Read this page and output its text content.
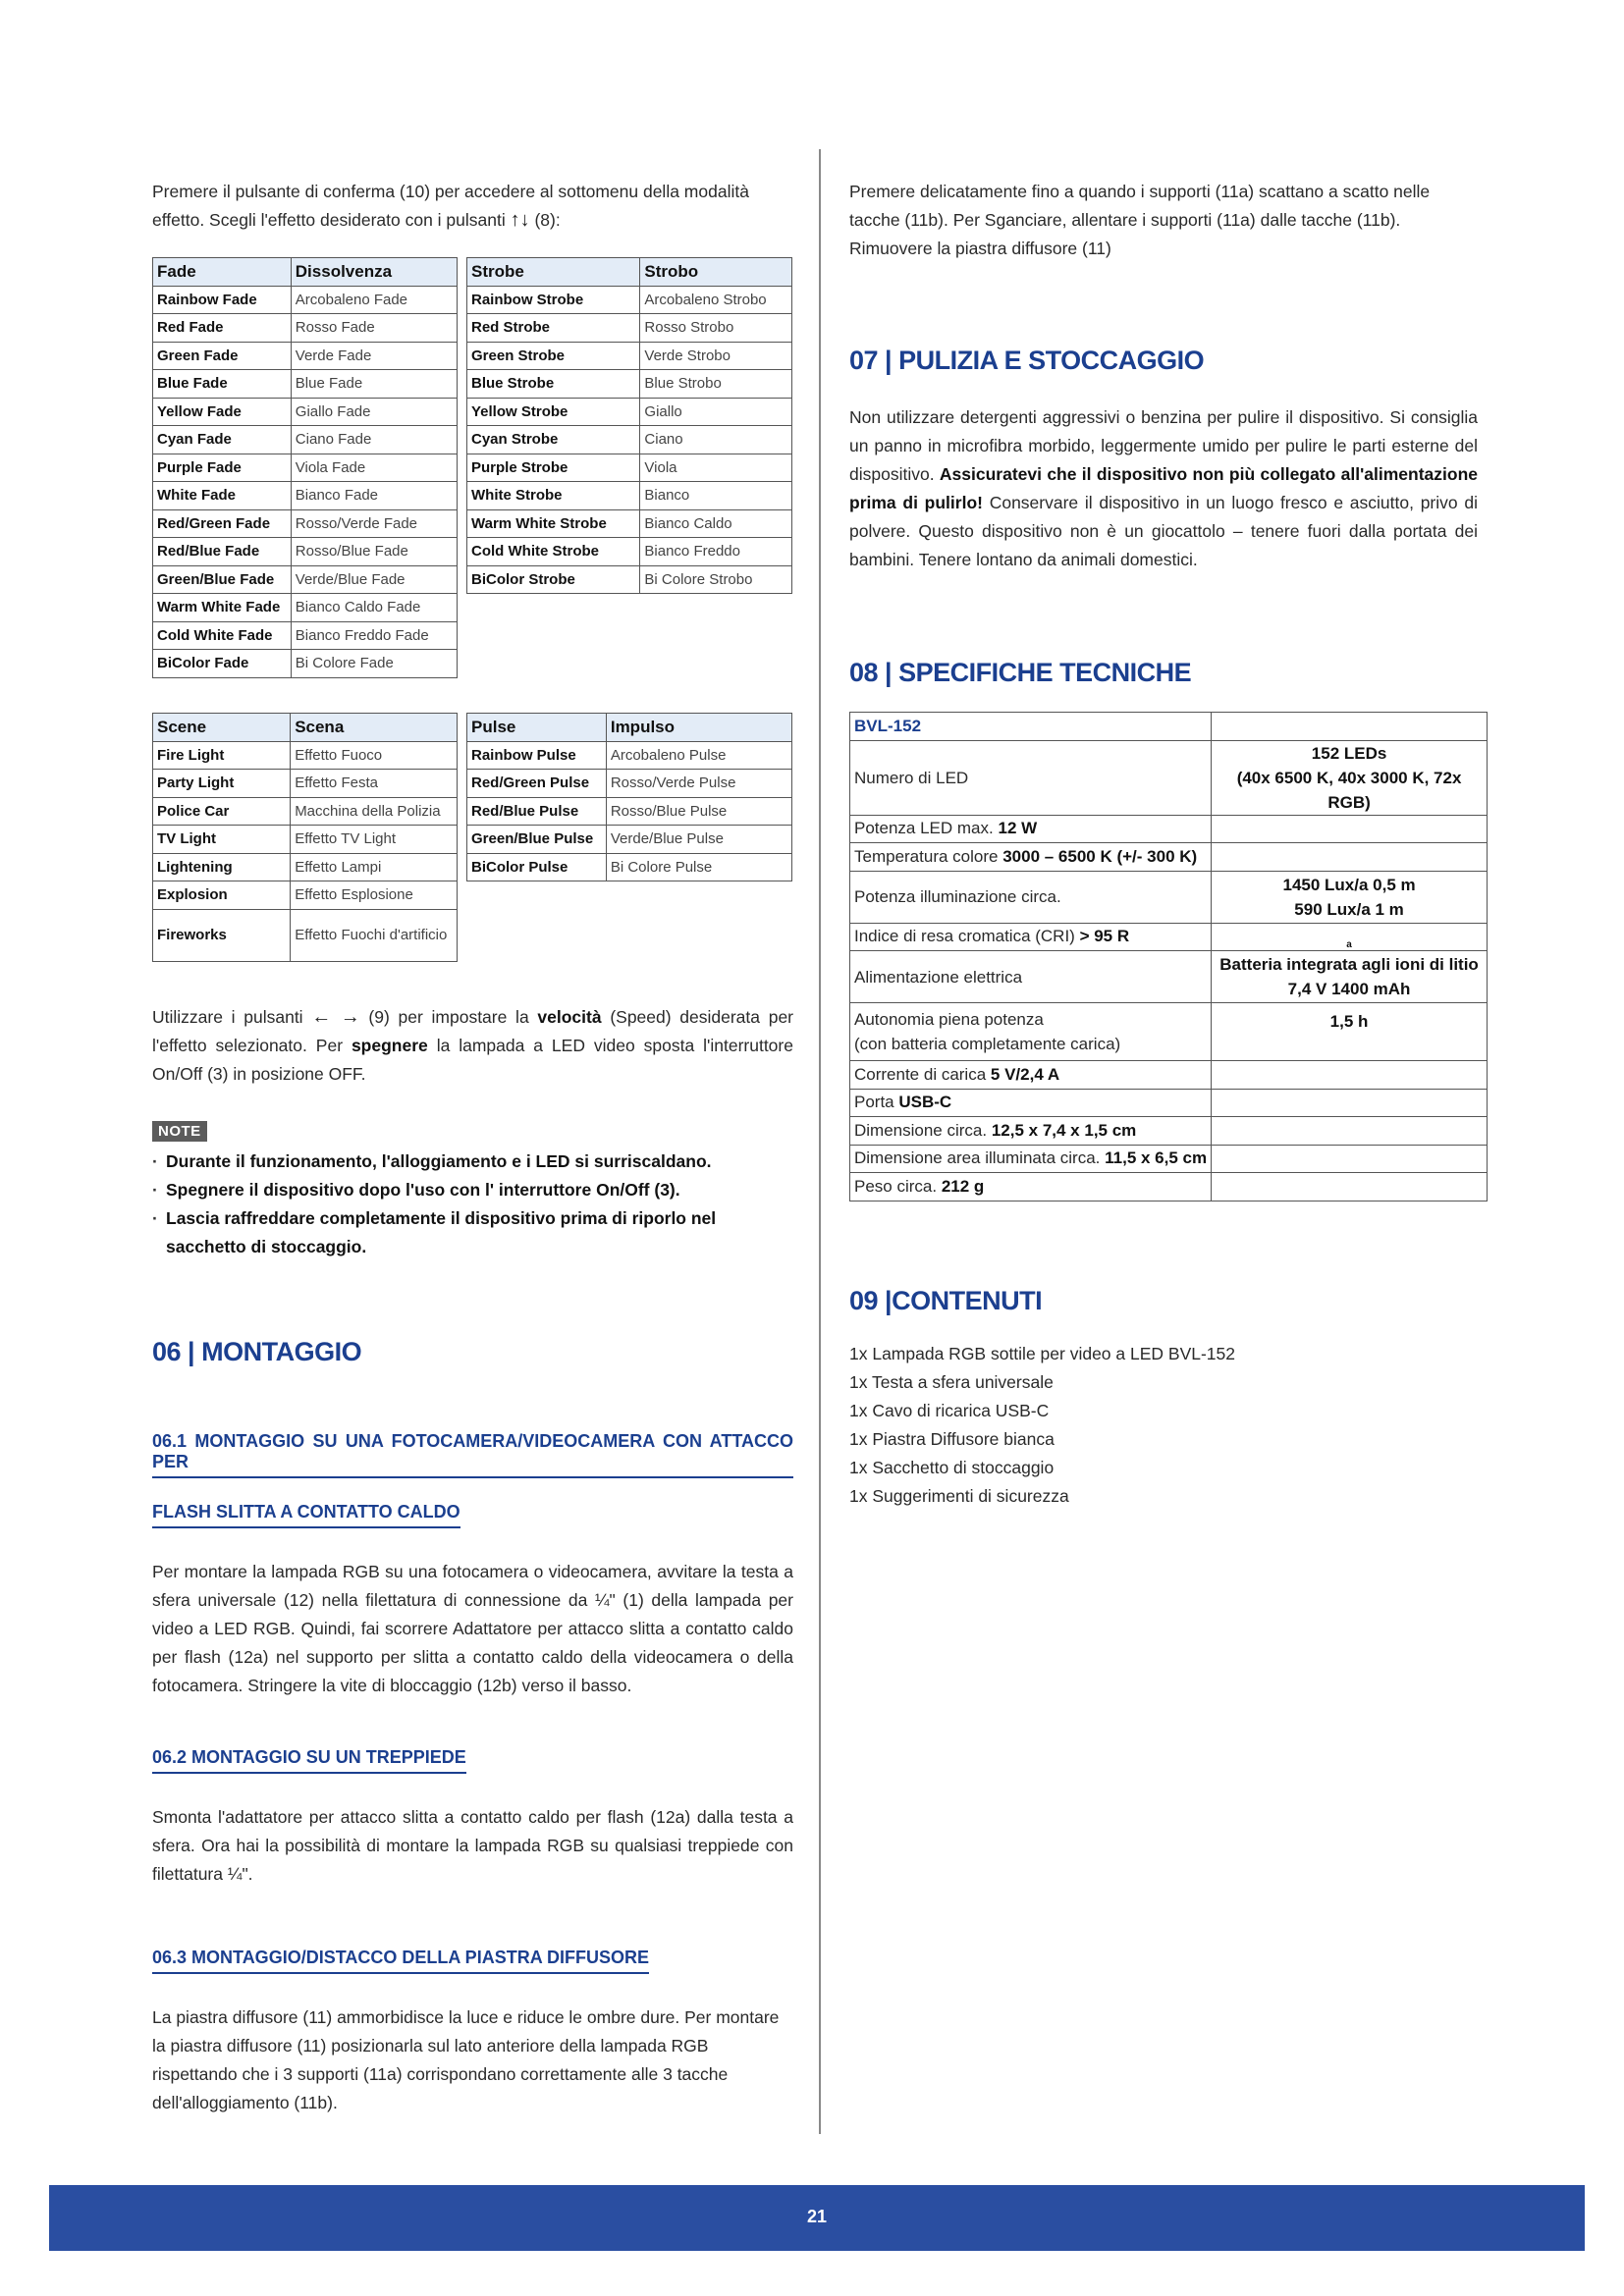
Premere il pulsante di conferma (10) per accedere al sottomenu della modalità

effetto. Scegli l'effetto desiderato con i pulsanti ↑↓ (8):

Fade	Dissolvenza
Rainbow Fade	Arcobaleno Fade
Red Fade	Rosso Fade
Green Fade	Verde Fade
Blue Fade	Blue Fade
Yellow Fade	Giallo Fade
Cyan Fade	Ciano Fade
Purple Fade	Viola Fade
White Fade	Bianco Fade
Red/Green Fade	Rosso/Verde Fade
Red/Blue Fade	Rosso/Blue Fade
Green/Blue Fade	Verde/Blue Fade
Warm White Fade	Bianco Caldo Fade
Cold White Fade	Bianco Freddo Fade
BiColor Fade	Bi Colore Fade
Strobe	Strobo
Rainbow Strobe	Arcobaleno Strobo
Red Strobe	Rosso Strobo
Green Strobe	Verde Strobo
Blue Strobe	Blue Strobo
Yellow Strobe	Giallo
Cyan Strobe	Ciano
Purple Strobe	Viola
White Strobe	Bianco
Warm White Strobe	Bianco Caldo
Cold White Strobe	Bianco Freddo
BiColor Strobe	Bi Colore Strobo
Scene	Scena
Fire Light	Effetto Fuoco
Party Light	Effetto Festa
Police Car	Macchina della Polizia
TV Light	Effetto TV Light
Lightening	Effetto Lampi
Explosion	Effetto Esplosione
Fireworks	Effetto Fuochi d'artificio
Pulse	Impulso
Rainbow Pulse	Arcobaleno Pulse
Red/Green Pulse	Rosso/Verde Pulse
Red/Blue Pulse	Rosso/Blue Pulse
Green/Blue Pulse	Verde/Blue Pulse
BiColor Pulse	Bi Colore Pulse

Utilizzare i pulsanti ← → (9) per impostare la velocità (Speed) desiderata per l'effetto selezionato. Per spegnere la lampada a LED video sposta l'interruttore On/Off (3) in posizione OFF.

NOTE
· Durante il funzionamento, l'alloggiamento e i LED si surriscaldano.
· Spegnere il dispositivo dopo l'uso con l' interruttore On/Off (3).
· Lascia raffreddare completamente il dispositivo prima di riporlo nel sacchetto di stoccaggio.
06 | MONTAGGIO
06.1 MONTAGGIO SU UNA FOTOCAMERA/VIDEOCAMERA CON ATTACCO PER
FLASH SLITTA A CONTATTO CALDO

Per montare la lampada RGB su una fotocamera o videocamera, avvitare la testa a sfera universale (12) nella filettatura di connessione da ¼" (1) della lampada per video a LED RGB. Quindi, fai scorrere Adattatore per attacco slitta a contatto caldo per flash (12a) nel supporto per slitta a contatto caldo della videocamera o della fotocamera. Stringere la vite di bloccaggio (12b) verso il basso.

06.2 MONTAGGIO SU UN TREPPIEDE

Smonta l'adattatore per attacco slitta a contatto caldo per flash (12a) dalla testa a sfera. Ora hai la possibilità di montare la lampada RGB su qualsiasi treppiede con filettatura ¼".

06.3 MONTAGGIO/DISTACCO DELLA PIASTRA DIFFUSORE

La piastra diffusore (11) ammorbidisce la luce e riduce le ombre dure. Per montare la piastra diffusore (11) posizionarla sul lato anteriore della lampada RGB rispettando che i 3 supporti (11a) corrispondano correttamente alle 3 tacche dell'alloggiamento (11b).

Premere delicatamente fino a quando i supporti (11a) scattano a scatto nelle tacche (11b). Per Sganciare, allentare i supporti (11a) dalle tacche (11b). Rimuovere la piastra diffusore (11)

07 | PULIZIA E STOCCAGGIO

Non utilizzare detergenti aggressivi o benzina per pulire il dispositivo. Si consiglia un panno in microfibra morbido, leggermente umido per pulire le parti esterne del dispositivo. Assicuratevi che il dispositivo non più collegato all'alimentazione prima di pulirlo! Conservare il dispositivo in un luogo fresco e asciutto, privo di polvere. Questo dispositivo non è un giocattolo – tenere fuori dalla portata dei bambini. Tenere lontano da animali domestici.

08 | SPECIFICHE TECNICHE
BVL-152	
Numero di LED	152 LEDs
(40x 6500 K, 40x 3000 K, 72x RGB)

Potenza LED max. 12 W	
Temperatura colore 3000 – 6500 K (+/- 300 K)	
Potenza illuminazione circa.	1450 Lux/a 0,5 m
590 Lux/a 1 m

Indice di resa cromatica (CRI) > 95 R	a
Alimentazione elettrica	Batteria integrata agli ioni di litio
7,4 V 1400 mAh

Autonomia piena potenza
(con batteria completamente carica)	1,5 h
Corrente di carica 5 V/2,4 A	
Porta USB-C	
Dimensione circa. 12,5 x 7,4 x 1,5 cm	
Dimensione area illuminata circa. 11,5 x 6,5 cm	
Peso circa. 212 g	
09 |CONTENUTI

1x Lampada RGB sottile per video a LED BVL-152

1x Testa a sfera universale

1x Cavo di ricarica USB-C

1x Piastra Diffusore bianca

1x Sacchetto di stoccaggio

1x Suggerimenti di sicurezza

21
